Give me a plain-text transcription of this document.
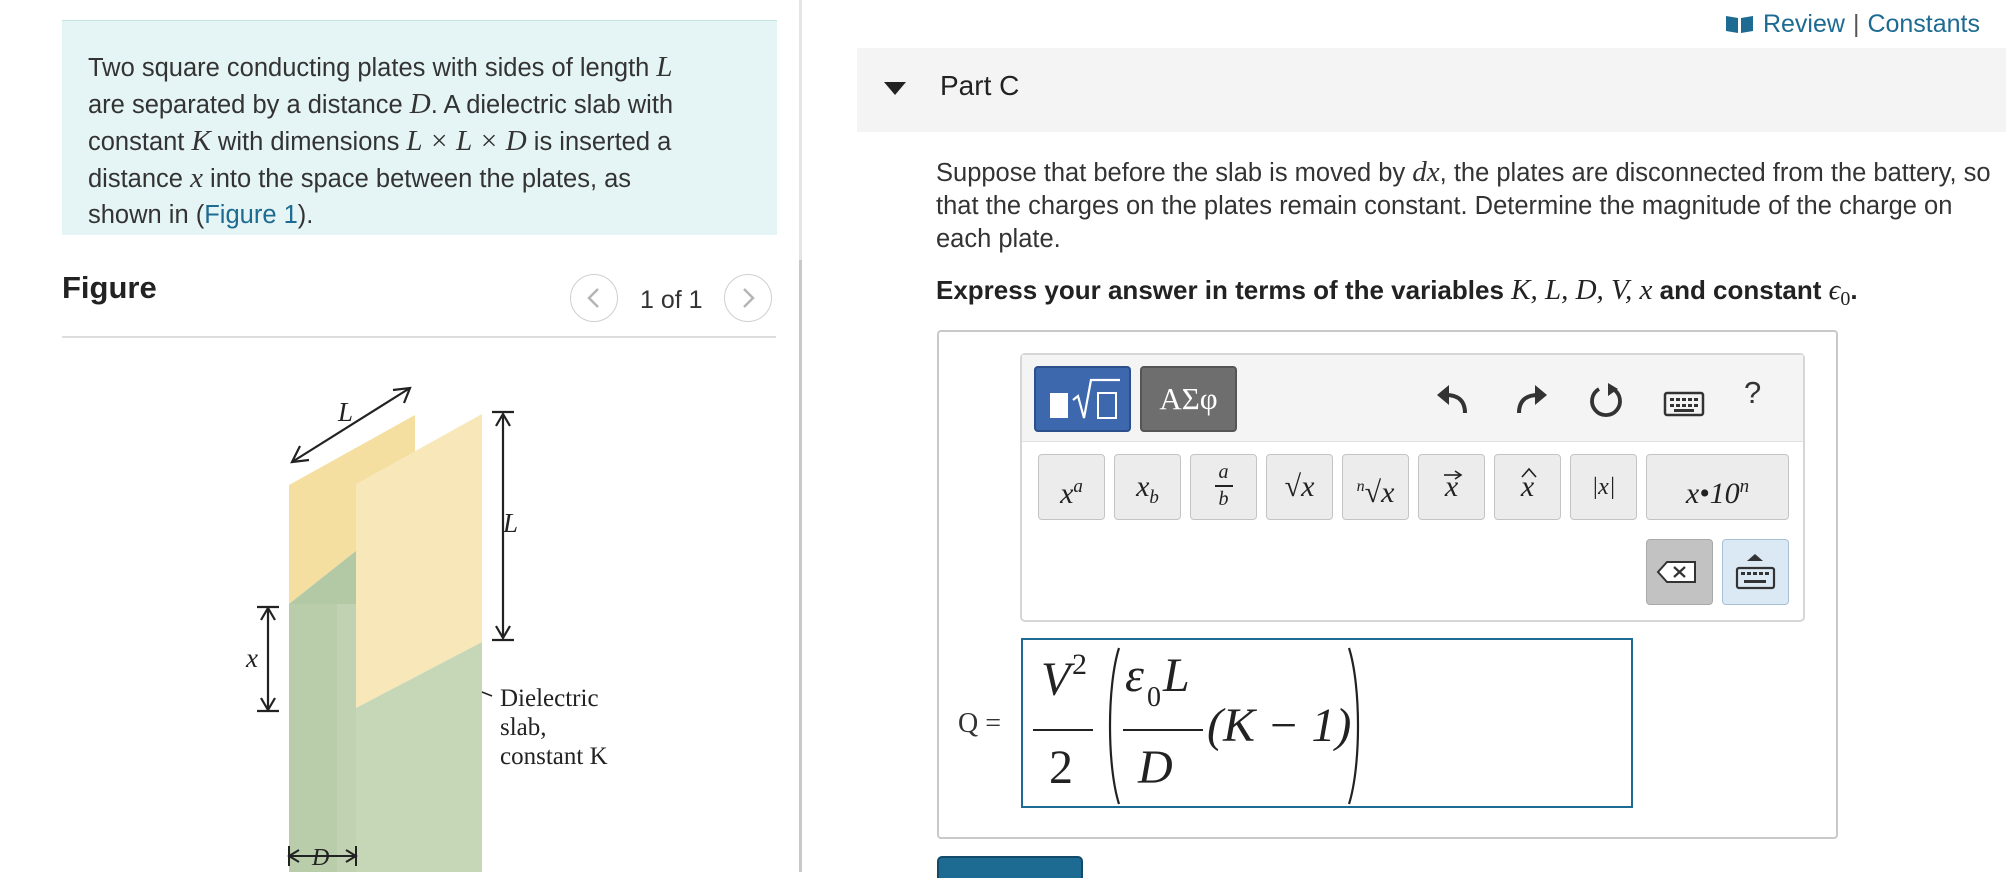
Two square conducting plates with sides of length L
are separated by a distance D. A dielectric slab with
constant K with dimensions L × L × D is inserted a
distance x into the space between the plates, as
shown in (Figure 1).
Figure	1 of 1
L
L
x
D
Dielectric
slab,
constant K
Review | Constants
Part C
Suppose that before the slab is moved by dx, the plates are disconnected from the battery, so that the charges on the plates remain constant. Determine the magnitude of the charge on each plate.
Express your answer in terms of the variables K, L, D, V, x and constant $\epsilon_0$.
ΑΣφ	?
$x^a$	$x_b$
a
b	√x	$^n$√x	x	x	|x|	x•10$^n$
Q =
V 2
2
ε 0 L
D
(K − 1)
